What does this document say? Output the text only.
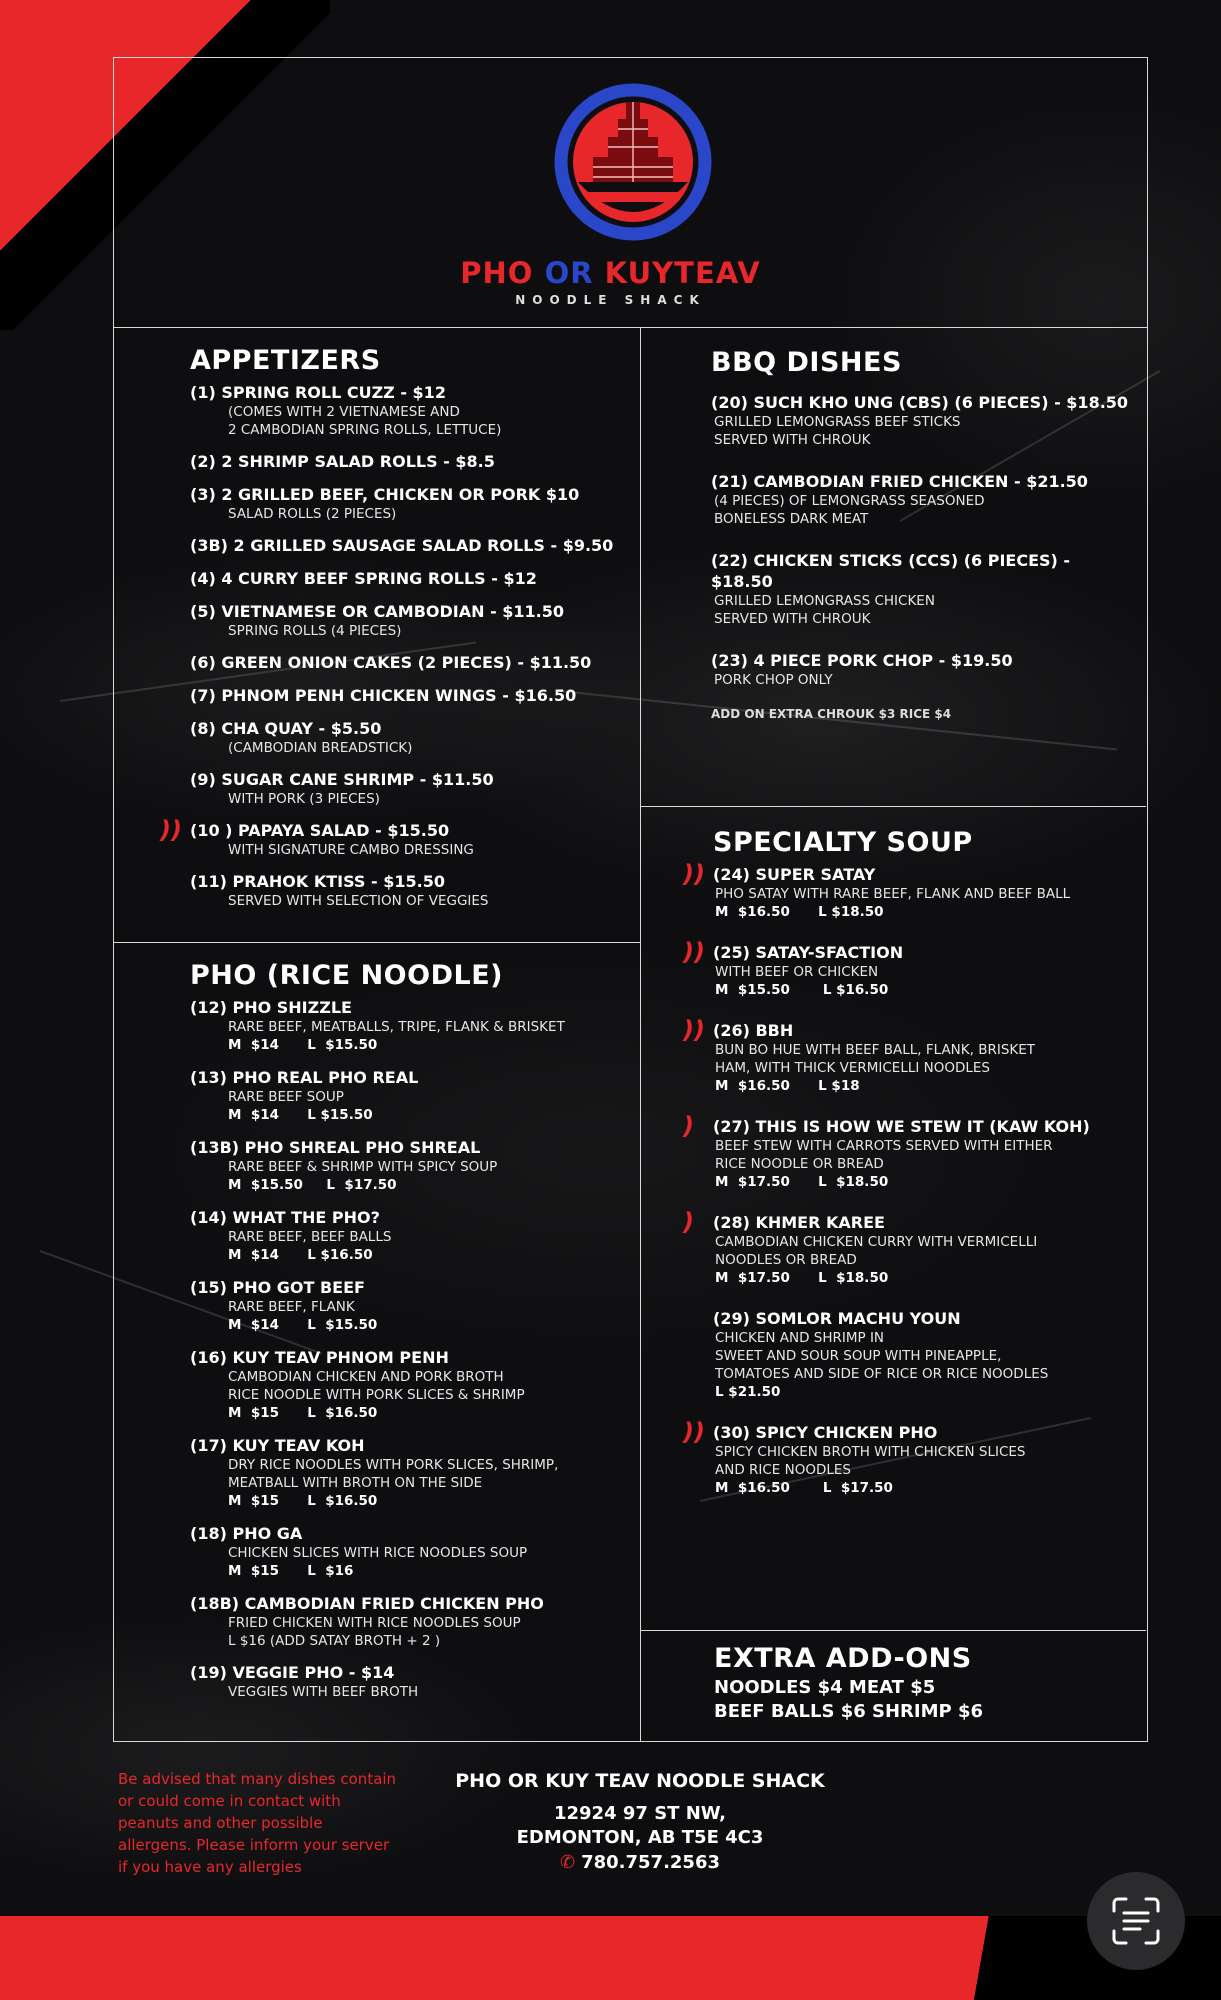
PHO OR KUYTEAV
NOODLE SHACK
APPETIZERS
(1) SPRING ROLL CUZZ - $12
(COMES WITH 2 VIETNAMESE AND
2 CAMBODIAN SPRING ROLLS, LETTUCE)
(2) 2 SHRIMP SALAD ROLLS - $8.5
(3) 2 GRILLED BEEF, CHICKEN OR PORK $10
SALAD ROLLS (2 PIECES)
(3B) 2 GRILLED SAUSAGE SALAD ROLLS - $9.50
(4) 4 CURRY BEEF SPRING ROLLS - $12
(5) VIETNAMESE OR CAMBODIAN - $11.50
SPRING ROLLS (4 PIECES)
(6) GREEN ONION CAKES (2 PIECES) - $11.50
(7) PHNOM PENH CHICKEN WINGS - $16.50
(8) CHA QUAY - $5.50
(CAMBODIAN BREADSTICK)
(9) SUGAR CANE SHRIMP - $11.50
WITH PORK (3 PIECES)
)) (10 ) PAPAYA SALAD - $15.50
WITH SIGNATURE CAMBO DRESSING
(11) PRAHOK KTISS - $15.50
SERVED WITH SELECTION OF VEGGIES
PHO (RICE NOODLE)
(12) PHO SHIZZLE
RARE BEEF, MEATBALLS, TRIPE, FLANK & BRISKET
M  $14      L  $15.50
(13) PHO REAL PHO REAL
RARE BEEF SOUP
M  $14      L $15.50
(13B) PHO SHREAL PHO SHREAL
RARE BEEF & SHRIMP WITH SPICY SOUP
M  $15.50     L  $17.50
(14) WHAT THE PHO?
RARE BEEF, BEEF BALLS
M  $14      L $16.50
(15) PHO GOT BEEF
RARE BEEF, FLANK
M  $14      L  $15.50
(16) KUY TEAV PHNOM PENH
CAMBODIAN CHICKEN AND PORK BROTH
RICE NOODLE WITH PORK SLICES & SHRIMP
M  $15      L  $16.50
(17) KUY TEAV KOH
DRY RICE NOODLES WITH PORK SLICES, SHRIMP,
MEATBALL WITH BROTH ON THE SIDE
M  $15      L  $16.50
(18) PHO GA
CHICKEN SLICES WITH RICE NOODLES SOUP
M  $15      L  $16
(18B) CAMBODIAN FRIED CHICKEN PHO
FRIED CHICKEN WITH RICE NOODLES SOUP
L $16 (ADD SATAY BROTH + 2 )
(19) VEGGIE PHO - $14
VEGGIES WITH BEEF BROTH
BBQ DISHES
(20) SUCH KHO UNG (CBS) (6 PIECES) - $18.50
GRILLED LEMONGRASS BEEF STICKS
SERVED WITH CHROUK
(21) CAMBODIAN FRIED CHICKEN - $21.50
(4 PIECES) OF LEMONGRASS SEASONED
BONELESS DARK MEAT
(22) CHICKEN STICKS (CCS) (6 PIECES) - $18.50
GRILLED LEMONGRASS CHICKEN
SERVED WITH CHROUK
(23) 4 PIECE PORK CHOP - $19.50
PORK CHOP ONLY
ADD ON EXTRA CHROUK $3 RICE $4
SPECIALTY SOUP
)) (24) SUPER SATAY
PHO SATAY WITH RARE BEEF, FLANK AND BEEF BALL
M  $16.50      L $18.50
)) (25) SATAY-SFACTION
WITH BEEF OR CHICKEN
M  $15.50       L $16.50
)) (26) BBH
BUN BO HUE WITH BEEF BALL, FLANK, BRISKET
HAM, WITH THICK VERMICELLI NOODLES
M  $16.50      L $18
) (27) THIS IS HOW WE STEW IT (KAW KOH)
BEEF STEW WITH CARROTS SERVED WITH EITHER
RICE NOODLE OR BREAD
M  $17.50      L  $18.50
) (28) KHMER KAREE
CAMBODIAN CHICKEN CURRY WITH VERMICELLI
NOODLES OR BREAD
M  $17.50      L  $18.50
(29) SOMLOR MACHU YOUN
CHICKEN AND SHRIMP IN
SWEET AND SOUR SOUP WITH PINEAPPLE,
TOMATOES AND SIDE OF RICE OR RICE NOODLES
L $21.50
)) (30) SPICY CHICKEN PHO
SPICY CHICKEN BROTH WITH CHICKEN SLICES
AND RICE NOODLES
M  $16.50       L  $17.50
EXTRA ADD-ONS
NOODLES $4 MEAT $5
BEEF BALLS $6 SHRIMP $6
Be advised that many dishes contain or could come in contact with peanuts and other possible allergens. Please inform your server if you have any allergies
PHO OR KUY TEAV NOODLE SHACK
12924 97 ST NW,
EDMONTON, AB T5E 4C3
✆ 780.757.2563
